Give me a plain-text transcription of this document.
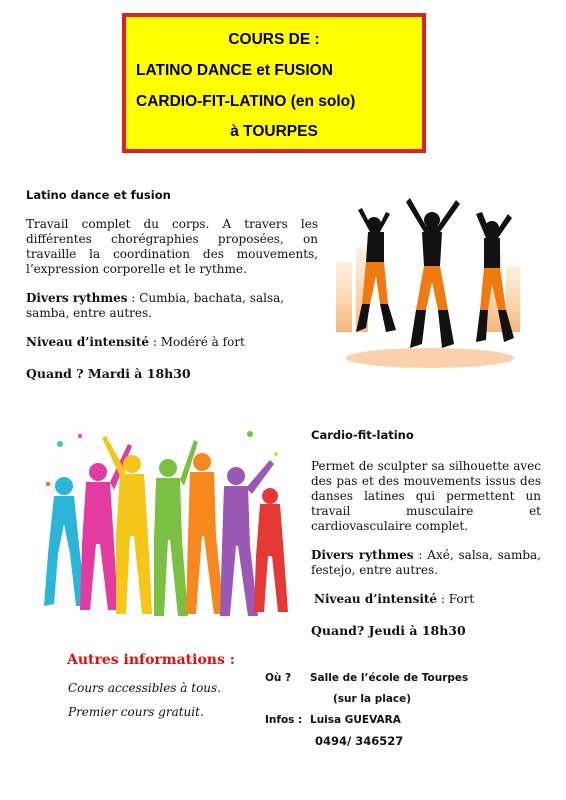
COURS DE :
LATINO DANCE et FUSION
CARDIO-FIT-LATINO (en solo)
à TOURPES
Latino dance et fusion
Travail complet du corps. A travers les différentes chorégraphies proposées, on travaille la coordination des mouvements, l’expression corporelle et le rythme.
Divers rythmes : Cumbia, bachata, salsa, samba, entre autres.
Niveau d’intensité : Modéré à fort
Quand ? Mardi à 18h30
Cardio-fit-latino
Permet de sculpter sa silhouette avec des pas et des mouvements issus des danses latines qui permettent un travail musculaire et cardiovasculaire complet.
Divers rythmes : Axé, salsa, samba, festejo, entre autres.
Niveau d’intensité : Fort
Quand? Jeudi à 18h30
Autres informations :
Cours accessibles à tous.
Premier cours gratuit.
Où ? Salle de l’école de Tourpes
(sur la place)
Infos : Luisa GUEVARA
0494/ 346527
